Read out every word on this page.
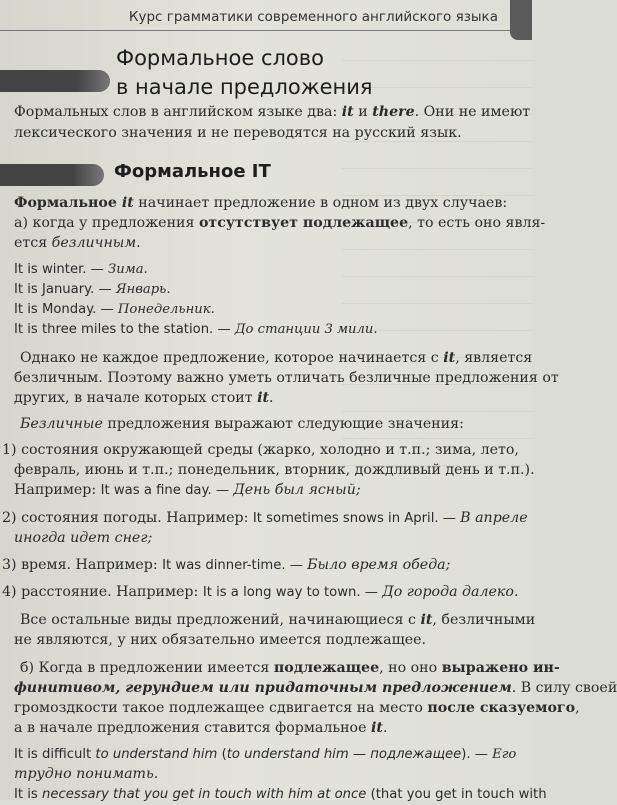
Курс грамматики современного английского языка
Формальное слово
в начале предложения
Формальных слов в английском языке два: it и there. Они не имеют
лексического значения и не переводятся на русский язык.
Формальное IT
Формальное it начинает предложение в одном из двух случаев:
а) когда у предложения отсутствует подлежащее, то есть оно явля-
ется безличным.
It is winter. — Зима.
It is January. — Январь.
It is Monday. — Понедельник.
It is three miles to the station. — До станции 3 мили.
Однако не каждое предложение, которое начинается с it, является
безличным. Поэтому важно уметь отличать безличные предложения от
других, в начале которых стоит it.
Безличные предложения выражают следующие значения:
1) состояния окружающей среды (жарко, холодно и т.п.; зима, лето,
февраль, июнь и т.п.; понедельник, вторник, дождливый день и т.п.).
Например: It was a fine day. — День был ясный;
2) состояния погоды. Например: It sometimes snows in April. — В апреле
иногда идет снег;
3) время. Например: It was dinner-time. — Было время обеда;
4) расстояние. Например: It is a long way to town. — До города далеко.
Все остальные виды предложений, начинающиеся с it, безличными
не являются, у них обязательно имеется подлежащее.
б) Когда в предложении имеется подлежащее, но оно выражено ин-
финитивом, герундием или придаточным предложением. В силу своей
громоздкости такое подлежащее сдвигается на место после сказуемого,
а в начале предложения ставится формальное it.
It is difficult to understand him (to understand him — подлежащее). — Его
трудно понимать.
It is necessary that you get in touch with him at once (that you get in touch with
